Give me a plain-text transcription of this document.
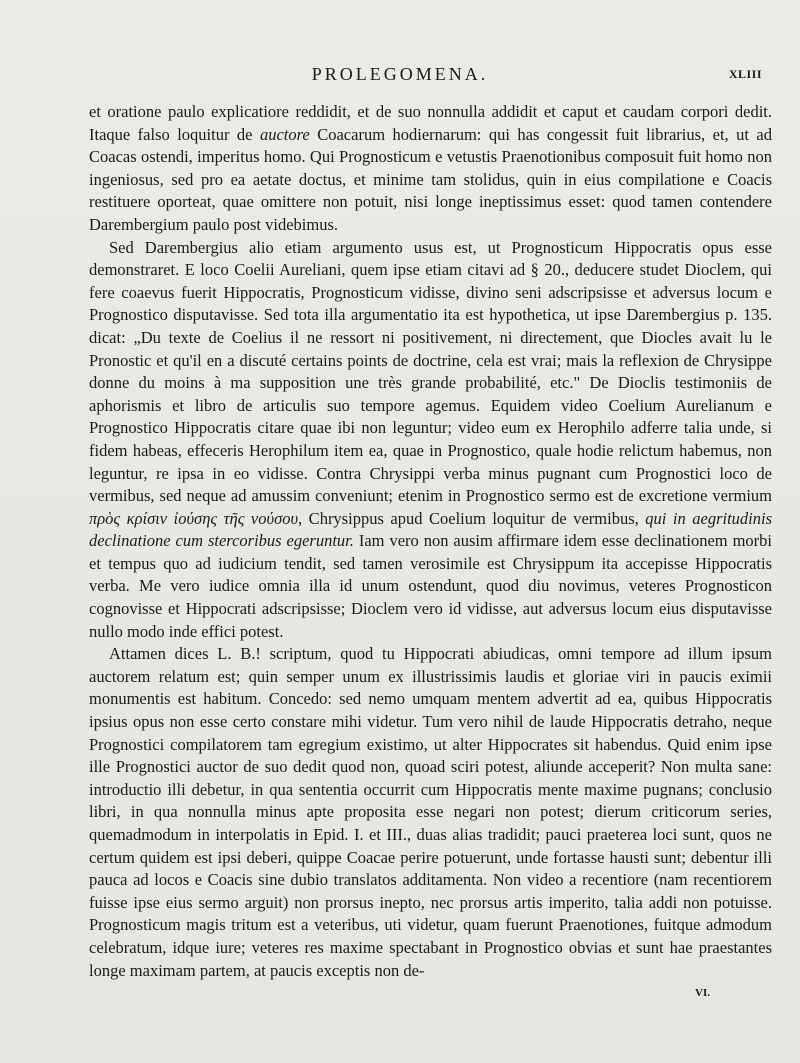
PROLEGOMENA.	XLIII

et oratione paulo explicatiore reddidit, et de suo nonnulla addidit et caput et caudam corpori dedit. Itaque falso loquitur de auctore Coacarum hodiernarum: qui has congessit fuit librarius, et, ut ad Coacas ostendi, imperitus homo. Qui Prognosticum e vetustis Praenotionibus composuit fuit homo non ingeniosus, sed pro ea aetate doctus, et minime tam stolidus, quin in eius compilatione e Coacis restituere oporteat, quae omittere non potuit, nisi longe ineptissimus esset: quod tamen contendere Darembergium paulo post videbimus.

Sed Darembergius alio etiam argumento usus est, ut Prognosticum Hippocratis opus esse demonstraret. E loco Coelii Aureliani, quem ipse etiam citavi ad § 20., deducere studet Dioclem, qui fere coaevus fuerit Hippocratis, Prognosticum vidisse, divino seni adscripsisse et adversus locum e Prognostico disputavisse. Sed tota illa argumentatio ita est hypothetica, ut ipse Darembergius p. 135. dicat: „Du texte de Coelius il ne ressort ni positivement, ni directement, que Diocles avait lu le Pronostic et qu'il en a discuté certains points de doctrine, cela est vrai; mais la reflexion de Chrysippe donne du moins à ma supposition une très grande probabilité, etc." De Dioclis testimoniis de aphorismis et libro de articulis suo tempore agemus. Equidem video Coelium Aurelianum e Prognostico Hippocratis citare quae ibi non leguntur; video eum ex Herophilo adferre talia unde, si fidem habeas, effeceris Herophilum item ea, quae in Prognostico, quale hodie relictum habemus, non leguntur, re ipsa in eo vidisse. Contra Chrysippi verba minus pugnant cum Prognostici loco de vermibus, sed neque ad amussim conveniunt; etenim in Prognostico sermo est de excretione vermium πρὸς κρίσιν ἰούσης τῆς νούσου, Chrysippus apud Coelium loquitur de vermibus, qui in aegritudinis declinatione cum stercoribus egeruntur. Iam vero non ausim affirmare idem esse declinationem morbi et tempus quo ad iudicium tendit, sed tamen verosimile est Chrysippum ita accepisse Hippocratis verba. Me vero iudice omnia illa id unum ostendunt, quod diu novimus, veteres Prognosticon cognovisse et Hippocrati adscripsisse; Dioclem vero id vidisse, aut adversus locum eius disputavisse nullo modo inde effici potest.

Attamen dices L. B.! scriptum, quod tu Hippocrati abiudicas, omni tempore ad illum ipsum auctorem relatum est; quin semper unum ex illustrissimis laudis et gloriae viri in paucis eximii monumentis est habitum. Concedo: sed nemo umquam mentem advertit ad ea, quibus Hippocratis ipsius opus non esse certo constare mihi videtur. Tum vero nihil de laude Hippocratis detraho, neque Prognostici compilatorem tam egregium existimo, ut alter Hippocrates sit habendus. Quid enim ipse ille Prognostici auctor de suo dedit quod non, quoad sciri potest, aliunde acceperit? Non multa sane: introductio illi debetur, in qua sententia occurrit cum Hippocratis mente maxime pugnans; conclusio libri, in qua nonnulla minus apte proposita esse negari non potest; dierum criticorum series, quemadmodum in interpolatis in Epid. I. et III., duas alias tradidit; pauci praeterea loci sunt, quos ne certum quidem est ipsi deberi, quippe Coacae perire potuerunt, unde fortasse hausti sunt; debentur illi pauca ad locos e Coacis sine dubio translatos additamenta. Non video a recentiore (nam recentiorem fuisse ipse eius sermo arguit) non prorsus inepto, nec prorsus artis imperito, talia addi non potuisse. Prognosticum magis tritum est a veteribus, uti videtur, quam fuerunt Praenotiones, fuitque admodum celebratum, idque iure; veteres res maxime spectabant in Prognostico obvias et sunt hae praestantes longe maximam partem, at paucis exceptis non de-

VI.
